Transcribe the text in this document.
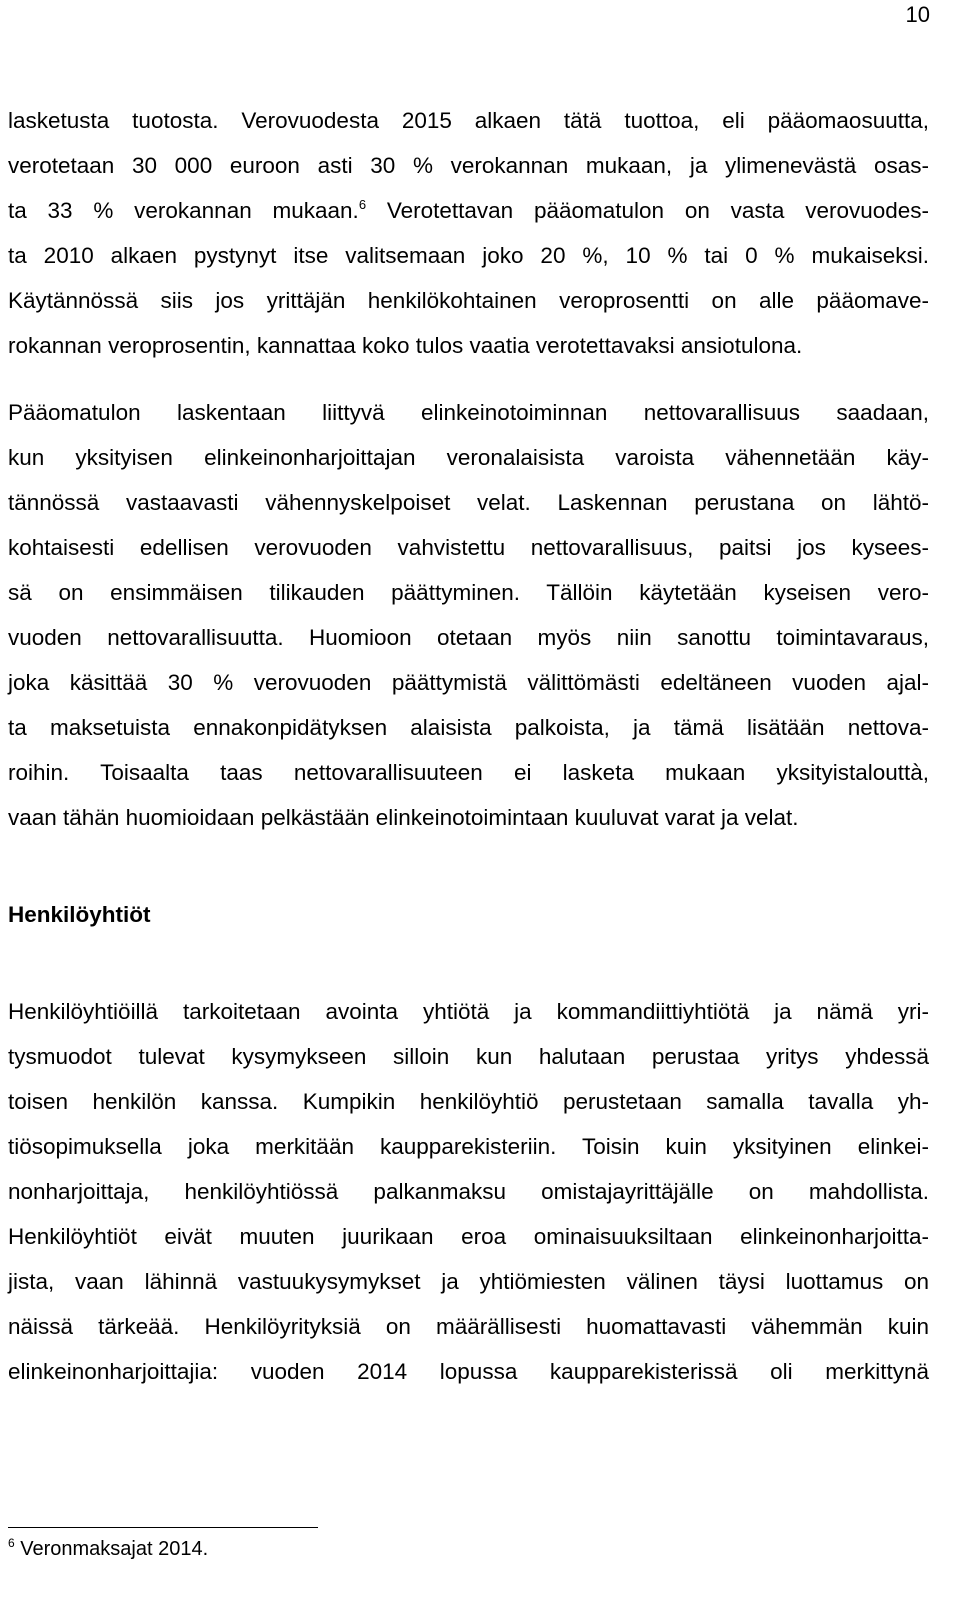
10
lasketusta tuotosta. Verovuodesta 2015 alkaen tätä tuottoa, eli pääomaosuutta,
verotetaan 30 000 euroon asti 30 % verokannan mukaan, ja ylimenevästä osas-
ta 33 % verokannan mukaan.$^6$ Verotettavan pääomatulon on vasta verovuodes-
ta 2010 alkaen pystynyt itse valitsemaan joko 20 %, 10 % tai 0 % mukaiseksi.
Käytännössä siis jos yrittäjän henkilökohtainen veroprosentti on alle pääomave-
rokannan veroprosentin, kannattaa koko tulos vaatia verotettavaksi ansiotulona.
Pääomatulon laskentaan liittyvä elinkeinotoiminnan nettovarallisuus saadaan,
kun yksityisen elinkeinonharjoittajan veronalaisista varoista vähennetään käy-
tännössä vastaavasti vähennyskelpoiset velat. Laskennan perustana on lähtö-
kohtaisesti edellisen verovuoden vahvistettu nettovarallisuus, paitsi jos kysees-
sä on ensimmäisen tilikauden päättyminen. Tällöin käytetään kyseisen vero-
vuoden nettovarallisuutta. Huomioon otetaan myös niin sanottu toimintavaraus,
joka käsittää 30 % verovuoden päättymistä välittömästi edeltäneen vuoden ajal-
ta maksetuista ennakonpidätyksen alaisista palkoista, ja tämä lisätään nettova-
roihin. Toisaalta taas nettovarallisuuteen ei lasketa mukaan yksityistalouttà,
vaan tähän huomioidaan pelkästään elinkeinotoimintaan kuuluvat varat ja velat.
Henkilöyhtiöt
Henkilöyhtiöillä tarkoitetaan avointa yhtiötä ja kommandiittiyhtiötä ja nämä yri-
tysmuodot tulevat kysymykseen silloin kun halutaan perustaa yritys yhdessä
toisen henkilön kanssa. Kumpikin henkilöyhtiö perustetaan samalla tavalla yh-
tiösopimuksella joka merkitään kaupparekisteriin. Toisin kuin yksityinen elinkei-
nonharjoittaja, henkilöyhtiössä palkanmaksu omistajayrittäjälle on mahdollista.
Henkilöyhtiöt eivät muuten juurikaan eroa ominaisuuksiltaan elinkeinonharjoitta-
jista, vaan lähinnä vastuukysymykset ja yhtiömiesten välinen täysi luottamus on
näissä tärkeää. Henkilöyrityksiä on määrällisesti huomattavasti vähemmän kuin
elinkeinonharjoittajia: vuoden 2014 lopussa kaupparekisterissä oli merkittynä
$^6$ Veronmaksajat 2014.
